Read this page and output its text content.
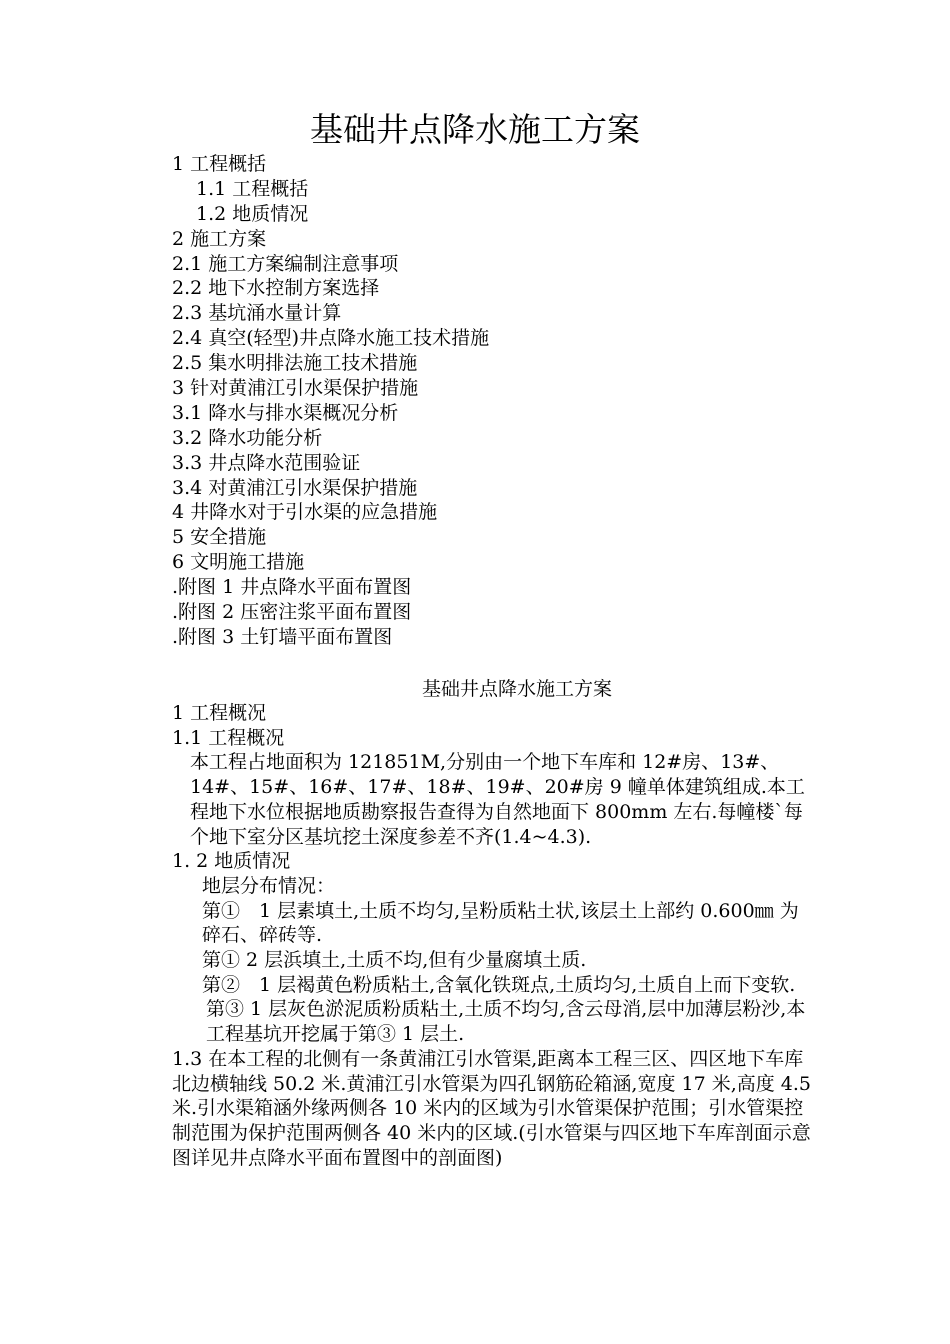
基础井点降水施工方案
1 工程概括
1.1 工程概括
1.2 地质情况
2 施工方案
2.1 施工方案编制注意事项
2.2 地下水控制方案选择
2.3 基坑涌水量计算
2.4 真空(轻型)井点降水施工技术措施
2.5 集水明排法施工技术措施
3 针对黄浦江引水渠保护措施
3.1 降水与排水渠概况分析
3.2 降水功能分析
3.3 井点降水范围验证
3.4 对黄浦江引水渠保护措施
4 井降水对于引水渠的应急措施
5 安全措施
6 文明施工措施
.附图 1 井点降水平面布置图
.附图 2 压密注浆平面布置图
.附图 3 土钉墙平面布置图
基础井点降水施工方案
1 工程概况
1.1 工程概况
本工程占地面积为 121851M,分别由一个地下车库和 12#房、13#、14#、15#、16#、17#、18#、19#、20#房 9 幢单体建筑组成.本工程地下水位根据地质勘察报告查得为自然地面下 800mm 左右.每幢楼`每个地下室分区基坑挖土深度参差不齐(1.4~4.3).
1. 2 地质情况
地层分布情况：
第①　1 层素填土,土质不均匀,呈粉质粘土状,该层土上部约 0.600㎜ 为碎石、碎砖等.
第① 2 层浜填土,土质不均,但有少量腐填土质.
第②　1 层褐黄色粉质粘土,含氧化铁斑点,土质均匀,土质自上而下变软.
第③ 1 层灰色淤泥质粉质粘土,土质不均匀,含云母消,层中加薄层粉沙,本工程基坑开挖属于第③ 1 层土.
1.3 在本工程的北侧有一条黄浦江引水管渠,距离本工程三区、四区地下车库北边横轴线 50.2 米.黄浦江引水管渠为四孔钢筋砼箱涵,宽度 17 米,高度 4.5 米.引水渠箱涵外缘两侧各 10 米内的区域为引水管渠保护范围；引水管渠控制范围为保护范围两侧各 40 米内的区域.(引水管渠与四区地下车库剖面示意图详见井点降水平面布置图中的剖面图)
